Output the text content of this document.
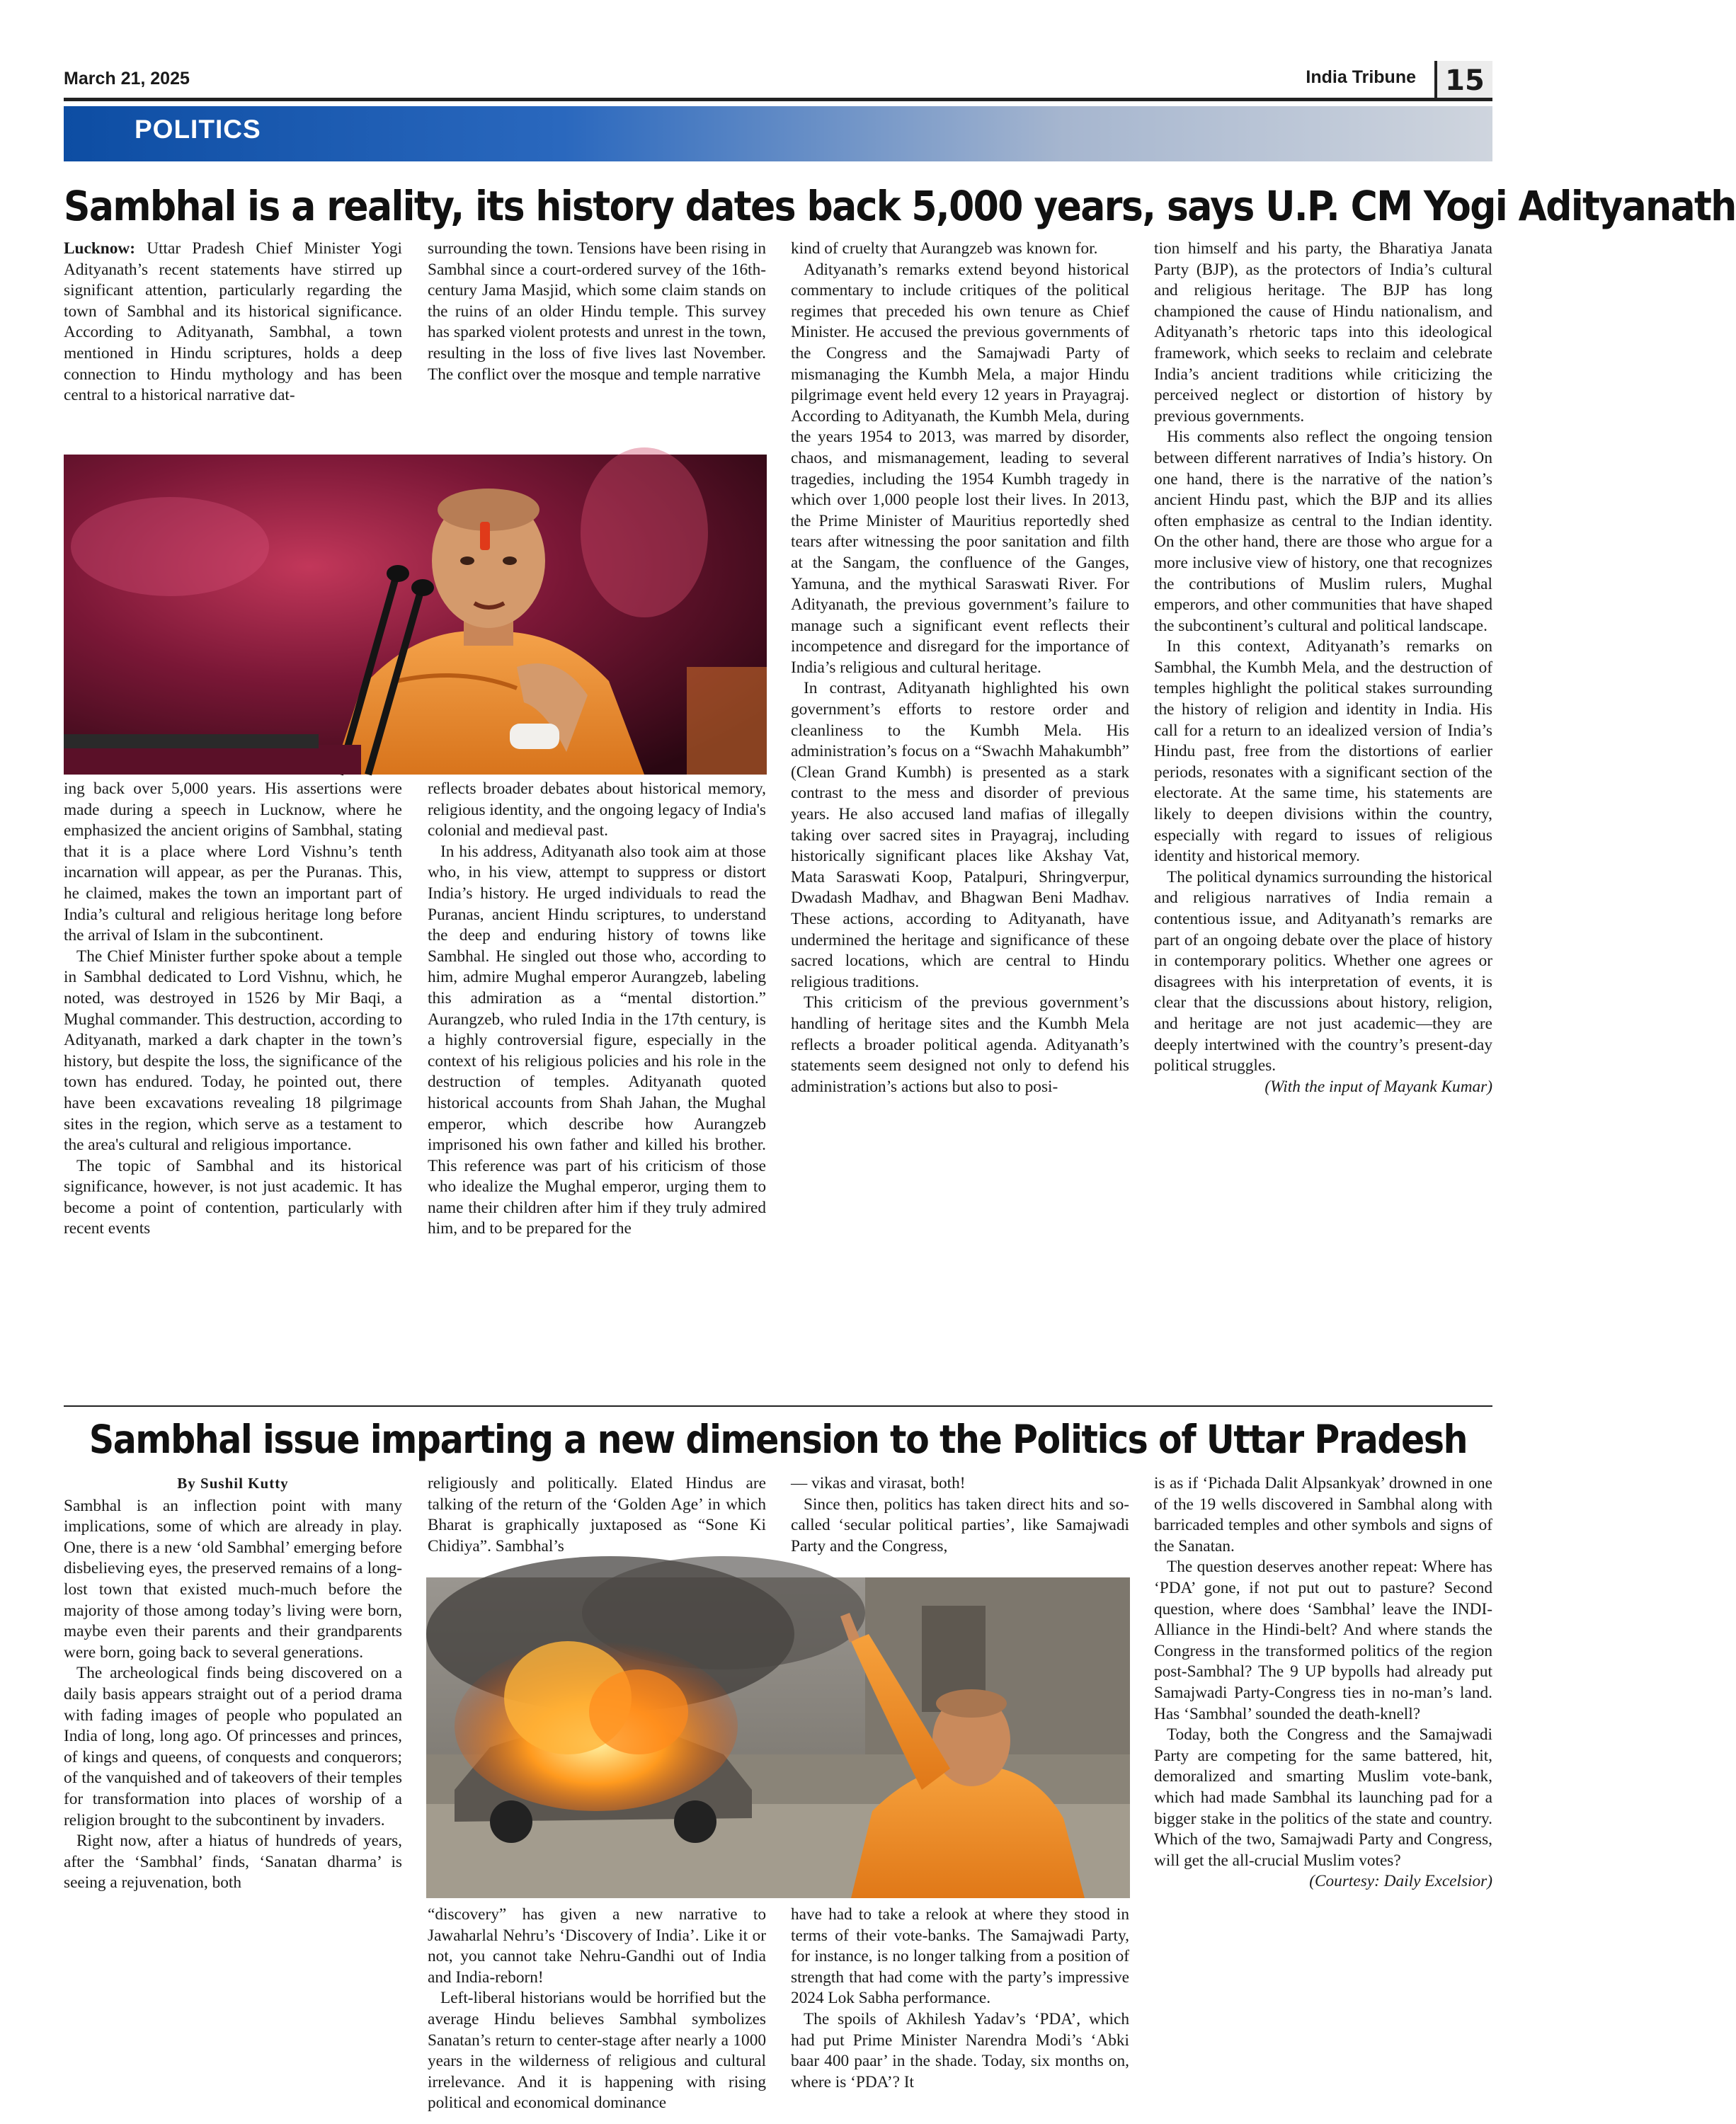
March 21, 2025	India Tribune	15
POLITICS
Sambhal is a reality, its history dates back 5,000 years, says U.P. CM Yogi Adityanath

Lucknow: Uttar Pradesh Chief Minister Yogi Adityanath’s recent statements have stirred up significant attention, particularly regarding the town of Sambhal and its historical significance. According to Adityanath, Sambhal, a town mentioned in Hindu scriptures, holds a deep connection to Hindu mythology and has been central to a historical narrative dat-

surrounding the town. Tensions have been rising in Sambhal since a court-ordered survey of the 16th-century Jama Masjid, which some claim stands on the ruins of an older Hindu temple. This survey has sparked violent protests and unrest in the town, resulting in the loss of five lives last November. The conflict over the mosque and temple narrative

ing back over 5,000 years. His assertions were made during a speech in Lucknow, where he emphasized the ancient origins of Sambhal, stating that it is a place where Lord Vishnu’s tenth incarnation will appear, as per the Puranas. This, he claimed, makes the town an important part of India’s cultural and religious heritage long before the arrival of Islam in the subcontinent.

The Chief Minister further spoke about a temple in Sambhal dedicated to Lord Vishnu, which, he noted, was destroyed in 1526 by Mir Baqi, a Mughal commander. This destruction, according to Adityanath, marked a dark chapter in the town’s history, but despite the loss, the significance of the town has endured. Today, he pointed out, there have been excavations revealing 18 pilgrimage sites in the region, which serve as a testament to the area's cultural and religious importance.

The topic of Sambhal and its historical significance, however, is not just academic. It has become a point of contention, particularly with recent events

reflects broader debates about historical memory, religious identity, and the ongoing legacy of India's colonial and medieval past.

In his address, Adityanath also took aim at those who, in his view, attempt to suppress or distort India’s history. He urged individuals to read the Puranas, ancient Hindu scriptures, to understand the deep and enduring history of towns like Sambhal. He singled out those who, according to him, admire Mughal emperor Aurangzeb, labeling this admiration as a “mental distortion.” Aurangzeb, who ruled India in the 17th century, is a highly controversial figure, especially in the context of his religious policies and his role in the destruction of temples. Adityanath quoted historical accounts from Shah Jahan, the Mughal emperor, which describe how Aurangzeb imprisoned his own father and killed his brother. This reference was part of his criticism of those who idealize the Mughal emperor, urging them to name their children after him if they truly admired him, and to be prepared for the

kind of cruelty that Aurangzeb was known for.

Adityanath’s remarks extend beyond historical commentary to include critiques of the political regimes that preceded his own tenure as Chief Minister. He accused the previous governments of the Congress and the Samajwadi Party of mismanaging the Kumbh Mela, a major Hindu pilgrimage event held every 12 years in Prayagraj. According to Adityanath, the Kumbh Mela, during the years 1954 to 2013, was marred by disorder, chaos, and mismanagement, leading to several tragedies, including the 1954 Kumbh tragedy in which over 1,000 people lost their lives. In 2013, the Prime Minister of Mauritius reportedly shed tears after witnessing the poor sanitation and filth at the Sangam, the confluence of the Ganges, Yamuna, and the mythical Saraswati River. For Adityanath, the previous government’s failure to manage such a significant event reflects their incompetence and disregard for the importance of India’s religious and cultural heritage.

In contrast, Adityanath highlighted his own government’s efforts to restore order and cleanliness to the Kumbh Mela. His administration’s focus on a “Swachh Mahakumbh” (Clean Grand Kumbh) is presented as a stark contrast to the mess and disorder of previous years. He also accused land mafias of illegally taking over sacred sites in Prayagraj, including historically significant places like Akshay Vat, Mata Saraswati Koop, Patalpuri, Shringverpur, Dwadash Madhav, and Bhagwan Beni Madhav. These actions, according to Adityanath, have undermined the heritage and significance of these sacred locations, which are central to Hindu religious traditions.

This criticism of the previous government’s handling of heritage sites and the Kumbh Mela reflects a broader political agenda. Adityanath’s statements seem designed not only to defend his administration’s actions but also to posi-

tion himself and his party, the Bharatiya Janata Party (BJP), as the protectors of India’s cultural and religious heritage. The BJP has long championed the cause of Hindu nationalism, and Adityanath’s rhetoric taps into this ideological framework, which seeks to reclaim and celebrate India’s ancient traditions while criticizing the perceived neglect or distortion of history by previous governments.

His comments also reflect the ongoing tension between different narratives of India’s history. On one hand, there is the narrative of the nation’s ancient Hindu past, which the BJP and its allies often emphasize as central to the Indian identity. On the other hand, there are those who argue for a more inclusive view of history, one that recognizes the contributions of Muslim rulers, Mughal emperors, and other communities that have shaped the subcontinent’s cultural and political landscape.

In this context, Adityanath’s remarks on Sambhal, the Kumbh Mela, and the destruction of temples highlight the political stakes surrounding the history of religion and identity in India. His call for a return to an idealized version of India’s Hindu past, free from the distortions of earlier periods, resonates with a significant section of the electorate. At the same time, his statements are likely to deepen divisions within the country, especially with regard to issues of religious identity and historical memory.

The political dynamics surrounding the historical and religious narratives of India remain a contentious issue, and Adityanath’s remarks are part of an ongoing debate over the place of history in contemporary politics. Whether one agrees or disagrees with his interpretation of events, it is clear that the discussions about history, religion, and heritage are not just academic—they are deeply intertwined with the country’s present-day political struggles.

(With the input of Mayank Kumar)
Sambhal issue imparting a new dimension to the Politics of Uttar Pradesh
By Sushil Kutty

Sambhal is an inflection point with many implications, some of which are already in play. One, there is a new ‘old Sambhal’ emerging before disbelieving eyes, the preserved remains of a long-lost town that existed much-much before the majority of those among today’s living were born, maybe even their parents and their grandparents were born, going back to several generations.

The archeological finds being discovered on a daily basis appears straight out of a period drama with fading images of people who populated an India of long, long ago. Of princesses and princes, of kings and queens, of conquests and conquerors; of the vanquished and of takeovers of their temples for transformation into places of worship of a religion brought to the subcontinent by invaders.

Right now, after a hiatus of hundreds of years, after the ‘Sambhal’ finds, ‘Sanatan dharma’ is seeing a rejuvenation, both

religiously and politically. Elated Hindus are talking of the return of the ‘Golden Age’ in which Bharat is graphically juxtaposed as “Sone Ki Chidiya”. Sambhal’s

— vikas and virasat, both!

Since then, politics has taken direct hits and so-called ‘secular political parties’, like Samajwadi Party and the Congress,

“discovery” has given a new narrative to Jawaharlal Nehru’s ‘Discovery of India’. Like it or not, you cannot take Nehru-Gandhi out of India and India-reborn!

Left-liberal historians would be horrified but the average Hindu believes Sambhal symbolizes Sanatan’s return to center-stage after nearly a 1000 years in the wilderness of religious and cultural irrelevance. And it is happening with rising political and economical dominance

have had to take a relook at where they stood in terms of their vote-banks. The Samajwadi Party, for instance, is no longer talking from a position of strength that had come with the party’s impressive 2024 Lok Sabha performance.

The spoils of Akhilesh Yadav’s ‘PDA’, which had put Prime Minister Narendra Modi’s ‘Abki baar 400 paar’ in the shade. Today, six months on, where is ‘PDA’? It

is as if ‘Pichada Dalit Alpsankyak’ drowned in one of the 19 wells discovered in Sambhal along with barricaded temples and other symbols and signs of the Sanatan.

The question deserves another repeat: Where has ‘PDA’ gone, if not put out to pasture? Second question, where does ‘Sambhal’ leave the INDI-Alliance in the Hindi-belt? And where stands the Congress in the transformed politics of the region post-Sambhal? The 9 UP bypolls had already put Samajwadi Party-Congress ties in no-man’s land. Has ‘Sambhal’ sounded the death-knell?

Today, both the Congress and the Samajwadi Party are competing for the same battered, hit, demoralized and smarting Muslim vote-bank, which had made Sambhal its launching pad for a bigger stake in the politics of the state and country. Which of the two, Samajwadi Party and Congress, will get the all-crucial Muslim votes?

(Courtesy: Daily Excelsior)
